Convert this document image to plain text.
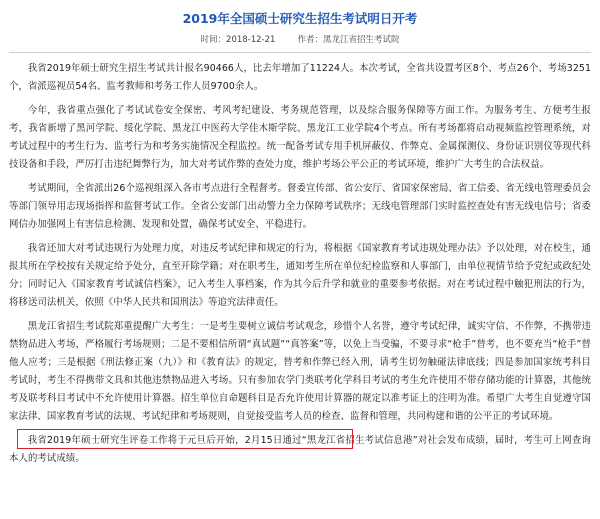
2019年全国硕士研究生招生考试明日开考
时间：2018-12-21	作者：黑龙江省招生考试院

我省2019年硕士研究生招生考试共计报名90466人，比去年增加了11224人。本次考试，全省共设置考区8个、考点26个、考场3251个，省派巡视员54名、监考教师和考务工作人员9700余人。

今年，我省重点强化了考试试卷安全保密、考风考纪建设、考务规范管理，以及综合服务保障等方面工作。为服务考生、方便考生报考，我省新增了黑河学院、绥化学院、黑龙江中医药大学佳木斯学院、黑龙江工业学院4个考点。所有考场都将启动视频监控管理系统，对考试过程中的考生行为、监考行为和考务实施情况全程监控。统一配备考试专用手机屏蔽仪、作弊克、金属探测仪、身份证识别仪等现代科技设备和手段，严厉打击违纪舞弊行为，加大对考试作弊的查处力度，维护考场公平公正的考试环境，维护广大考生的合法权益。

考试期间，全省派出26个巡视组深入各市考点进行全程督考。督委宣传部、省公安厅、省国家保密局、省工信委、省无线电管理委员会等部门领导用志现场指挥和监督考试工作。全省公安部门出动警力全力保障考试秩序；无线电管理部门实时监控查处有害无线电信号；省委网信办加强网上有害信息检测、发现和处置，确保考试安全、平稳进行。

我省还加大对考试违规行为处理力度，对违反考试纪律和规定的行为，将根据《国家教育考试违规处理办法》予以处理，对在校生，通报其所在学校按有关规定给予处分，直至开除学籍；对在职考生，通知考生所在单位纪检监察和人事部门，由单位视情节给予党纪或政纪处分；同时记入《国家教育考试诚信档案》，记入考生人事档案，作为其今后升学和就业的重要参考依据。对在考试过程中触犯刑法的行为，将移送司法机关，依照《中华人民共和国刑法》等追究法律责任。

黑龙江省招生考试院郑重提醒广大考生：一是考生要树立诚信考试观念，珍惜个人名誉，遵守考试纪律，诚实守信、不作弊，不携带违禁物品进入考场，严格履行考场规则；二是不要相信所谓“真试题”“真答案”等，以免上当受骗，不要寻求“枪手”替考，也不要充当“枪手”替他人应考；三是根据《刑法修正案（九）》和《教育法》的规定，替考和作弊已经入刑，请考生切勿触碰法律底线；四是参加国家统考科目考试时，考生不得携带文具和其他违禁物品进入考场。只有参加农学门类联考化学科目考试的考生允许使用不带存储功能的计算器，其他统考及联考科目考试中不允许使用计算器。招生单位自命题科目是否允许使用计算器的规定以准考证上的注明为准。希望广大考生自觉遵守国家法律、国家教育考试的法规、考试纪律和考场规则，自觉接受监考人员的检查、监督和管理，共同构建和谐的公平正的考试环境。

我省2019年硕士研究生评卷工作将于元旦后开始，2月15日通过“黑龙江省招生考试信息港”对社会发布成绩，届时，考生可上网查询本人的考试成绩。
